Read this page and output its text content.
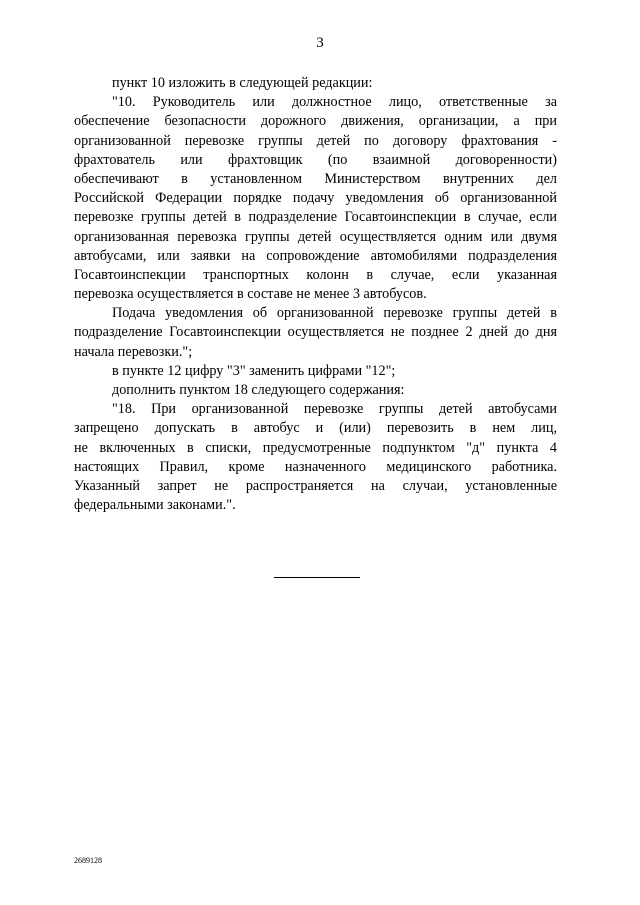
3
пункт 10 изложить в следующей редакции:
"10. Руководитель или должностное лицо, ответственные за
обеспечение безопасности дорожного движения, организации, а при
организованной перевозке группы детей по договору фрахтования -
фрахтователь или фрахтовщик (по взаимной договоренности)
обеспечивают в установленном Министерством внутренних дел
Российской Федерации порядке подачу уведомления об организованной
перевозке группы детей в подразделение Госавтоинспекции в случае, если
организованная перевозка группы детей осуществляется одним или двумя
автобусами, или заявки на сопровождение автомобилями подразделения
Госавтоинспекции транспортных колонн в случае, если указанная
перевозка осуществляется в составе не менее 3 автобусов.
Подача уведомления об организованной перевозке группы детей в
подразделение Госавтоинспекции осуществляется не позднее 2 дней до дня
начала перевозки.";
в пункте 12 цифру "3" заменить цифрами "12";
дополнить пунктом 18 следующего содержания:
"18. При организованной перевозке группы детей автобусами
запрещено допускать в автобус и (или) перевозить в нем лиц,
не включенных в списки, предусмотренные подпунктом "д" пункта 4
настоящих Правил, кроме назначенного медицинского работника.
Указанный запрет не распространяется на случаи, установленные
федеральными законами.".
2689128
